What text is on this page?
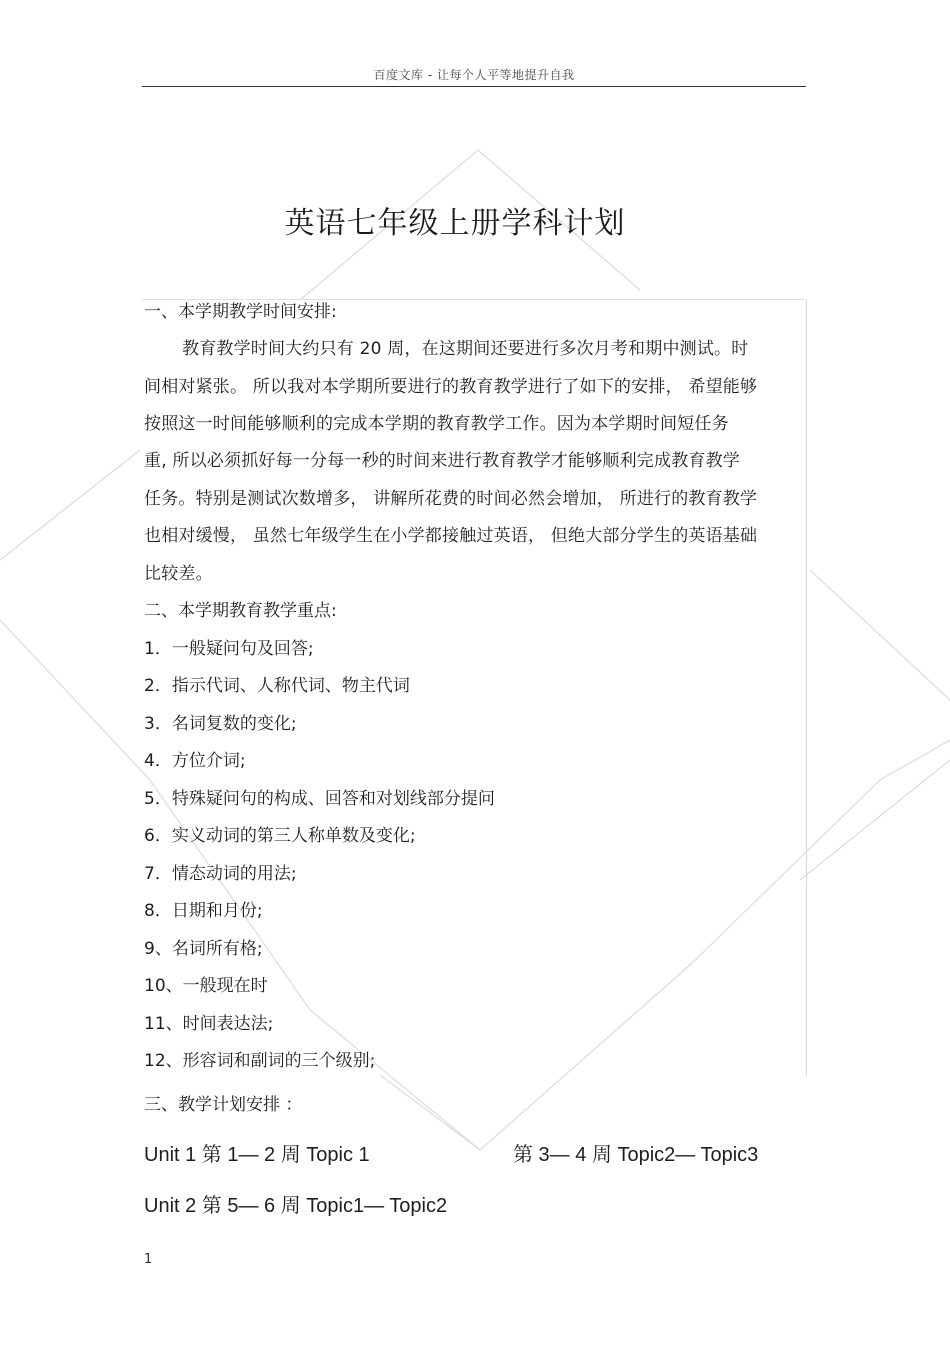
百度文库 - 让每个人平等地提升自我
英语七年级上册学科计划
一、本学期教学时间安排:
教育教学时间大约只有 20 周，在这期间还要进行多次月考和期中测试。时
间相对紧张。 所以我对本学期所要进行的教育教学进行了如下的安排， 希望能够
按照这一时间能够顺利的完成本学期的教育教学工作。因为本学期时间短任务
重, 所以必须抓好每一分每一秒的时间来进行教育教学才能够顺利完成教育教学
任务。特别是测试次数增多， 讲解所花费的时间必然会增加， 所进行的教育教学
也相对缓慢， 虽然七年级学生在小学都接触过英语， 但绝大部分学生的英语基础
比较差。
二、本学期教育教学重点:
1．一般疑问句及回答;
2．指示代词、人称代词、物主代词
3．名词复数的变化;
4．方位介词;
5．特殊疑问句的构成、回答和对划线部分提问
6．实义动词的第三人称单数及变化;
7．情态动词的用法;
8．日期和月份;
9、名词所有格;
10、一般现在时
11、时间表达法;
12、形容词和副词的三个级别;
三、教学计划安排 ：
Unit 1 第 1— 2 周 Topic 1	第 3— 4 周 Topic2— Topic3
Unit 2 第 5— 6 周 Topic1— Topic2
1
